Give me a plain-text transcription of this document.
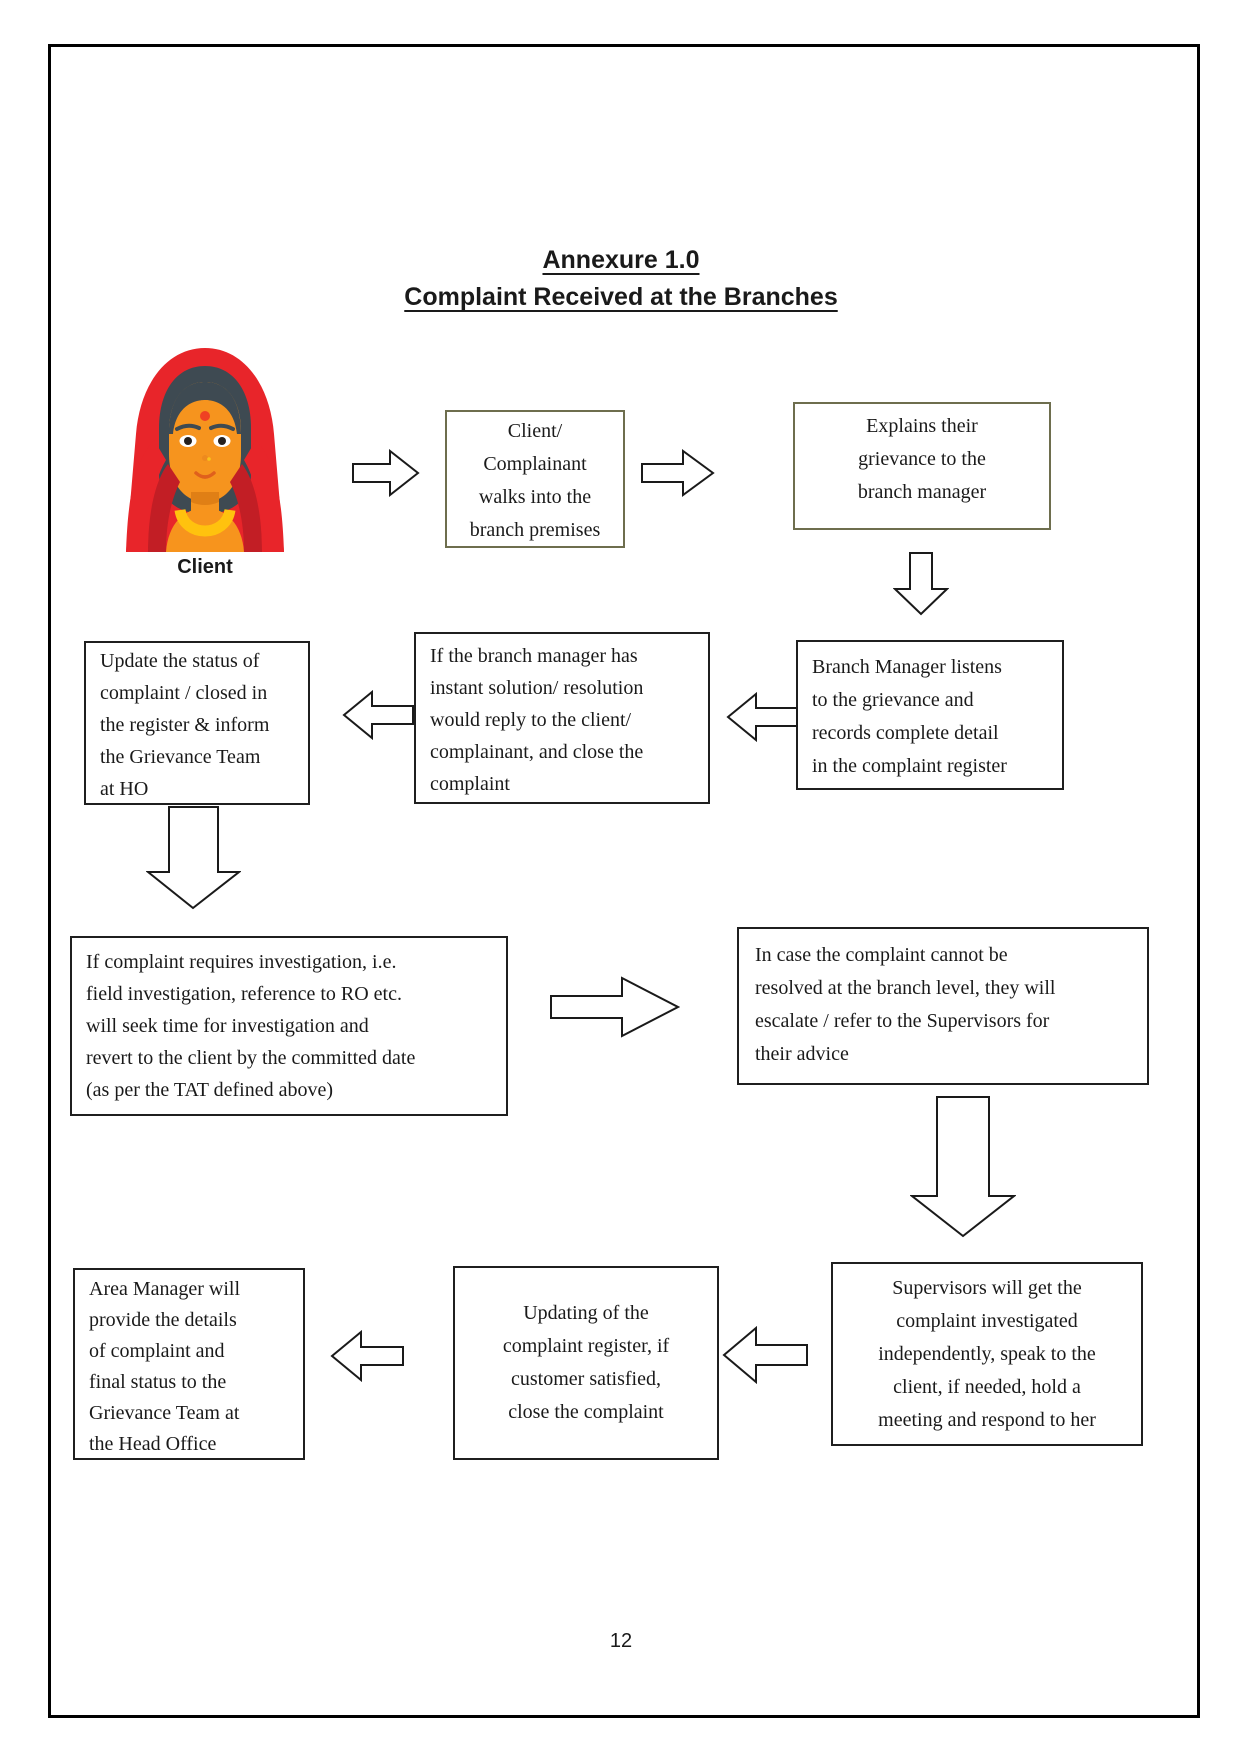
Annexure 1.0
Complaint Received at the Branches
Client
Client/
Complainant
walks into the
branch premises
Explains their
grievance to the
branch manager
Branch Manager listens
to the grievance and
records complete detail
in the complaint register
If the branch manager has
instant solution/ resolution
would reply to the client/
complainant, and close the
complaint
Update the status of
complaint / closed in
the register & inform
the Grievance Team
at HO
If complaint requires investigation, i.e.
field investigation, reference to RO etc.
will seek time for investigation and
revert to the client by the committed date
(as per the TAT defined above)
In case the complaint cannot be
resolved at the branch level, they will
escalate / refer to the Supervisors for
their advice
Supervisors will get the
complaint investigated
independently, speak to the
client, if needed, hold a
meeting and respond to her
Updating of the
complaint register, if
customer satisfied,
close the complaint
Area Manager will
provide the details
of complaint and
final status to the
Grievance Team at
the Head Office
12
